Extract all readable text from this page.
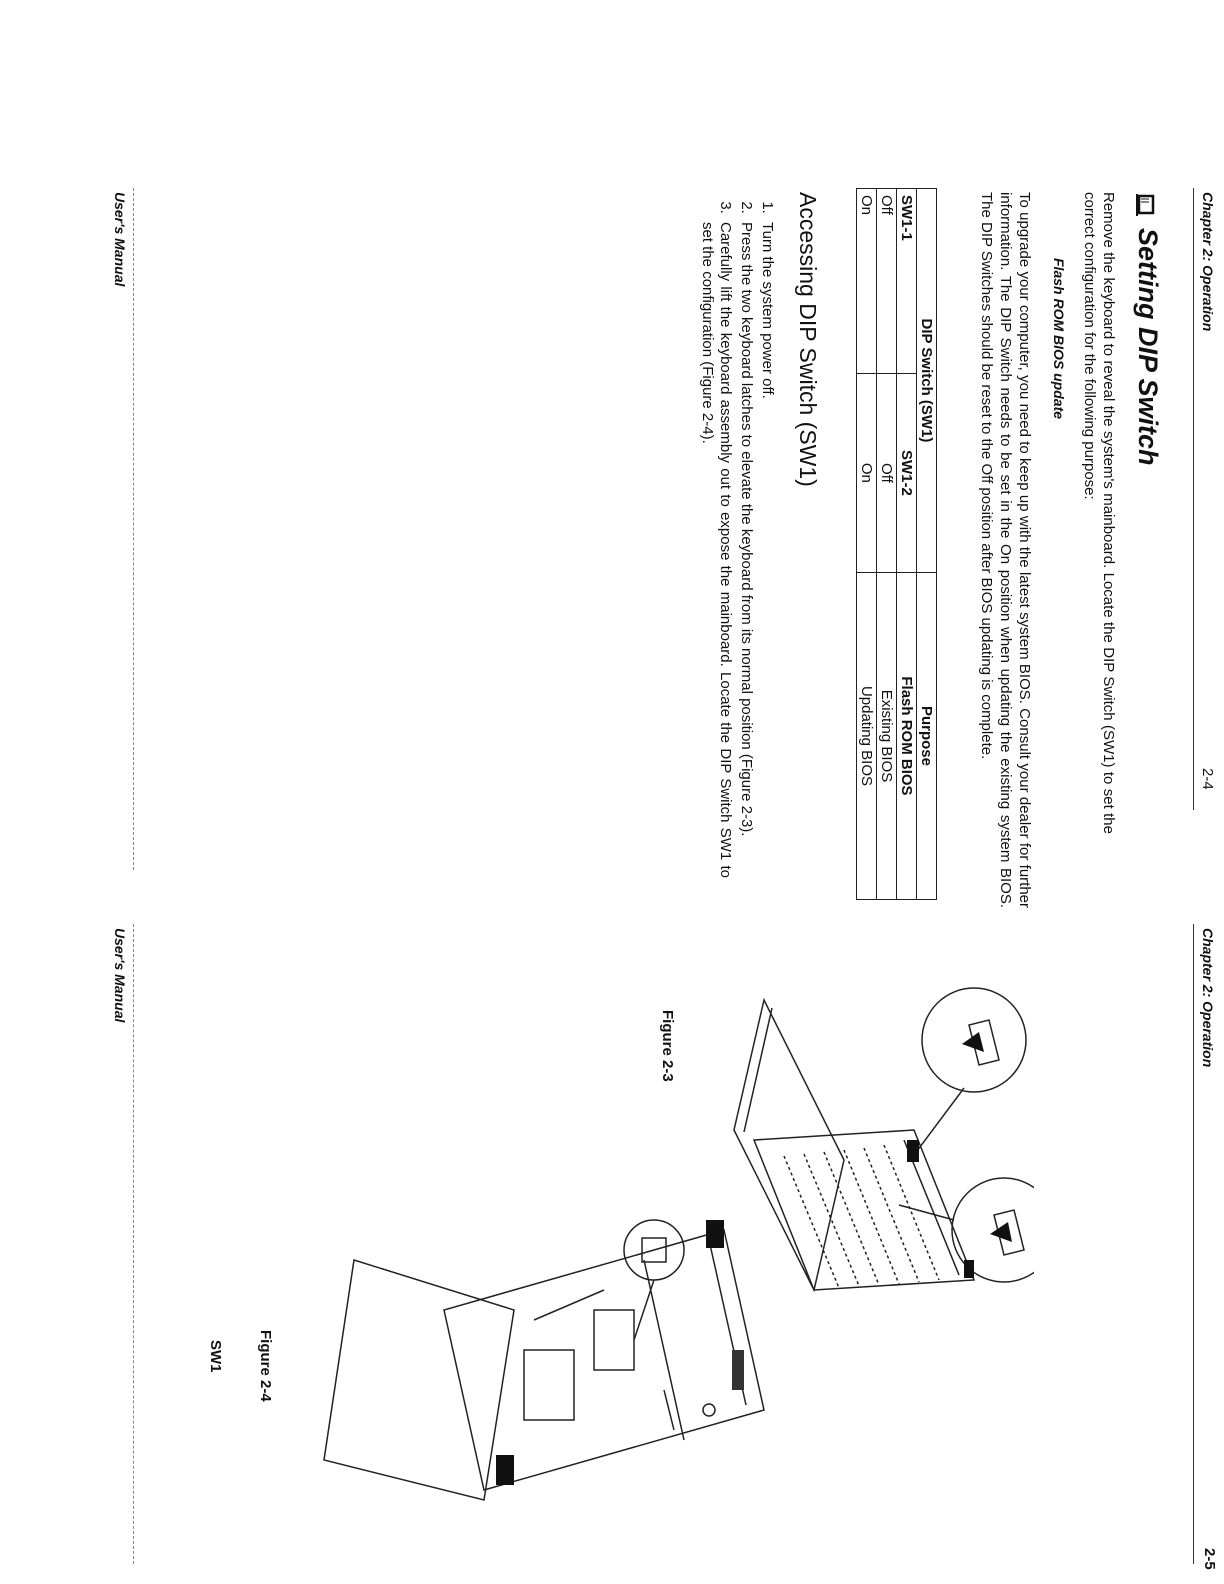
Chapter 2: Operation
2-4
Setting DIP Switch

Remove the keyboard to reveal the system's mainboard. Locate the DIP Switch (SW1) to set the correct configuration for the following purpose:

Flash ROM BIOS update

To upgrade your computer, you need to keep up with the latest system BIOS. Consult your dealer for further information. The DIP Switch needs to be set in the On position when updating the existing system BIOS. The DIP Switches should be reset to the Off position after BIOS updating is complete.

DIP Switch (SW1)		Purpose
SW1-1	SW1-2	Flash ROM BIOS
Off	Off	Existing BIOS
On	On	Updating BIOS
Accessing DIP Switch (SW1)
1. Turn the system power off.
2. Press the two keyboard latches to elevate the keyboard from its normal position (Figure 2-3).
3. Carefully lift the keyboard assembly out to expose the mainboard. Locate the DIP Switch SW1 to set the configuration (Figure 2-4).
User's Manual
Chapter 2: Operation
2-5
Figure 2-3
SW1 Figure 2-4
User's Manual
